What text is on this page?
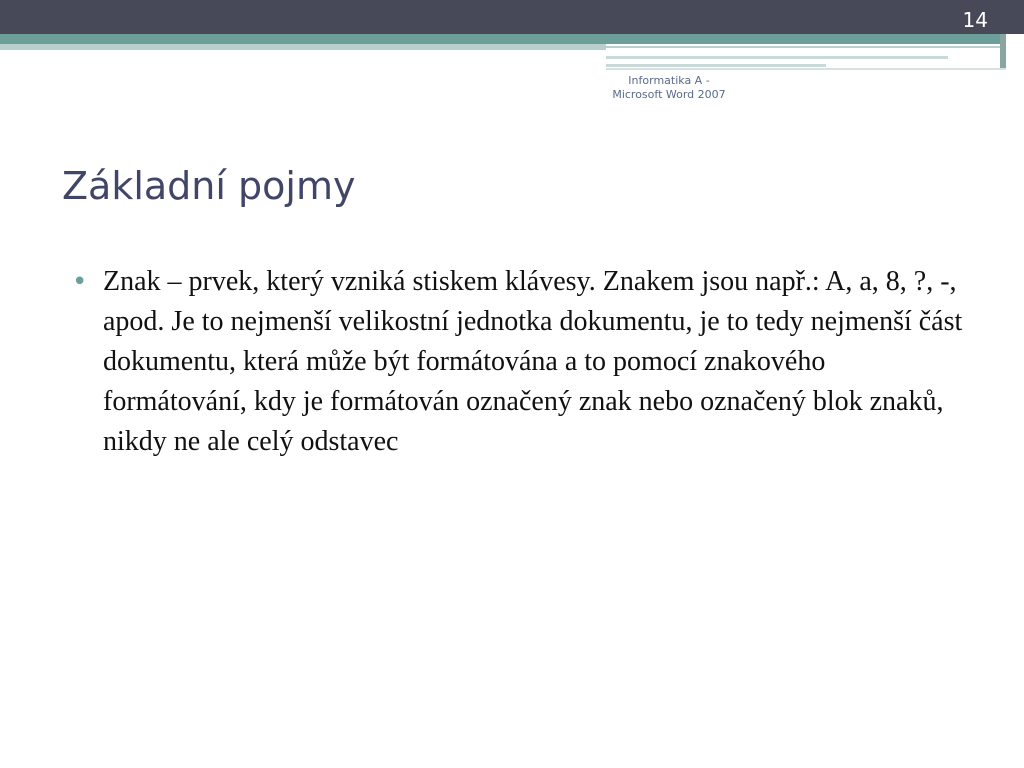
14
Informatika A -
Microsoft Word 2007
Základní pojmy
• Znak – prvek, který vzniká stiskem klávesy. Znakem jsou např.: A, a, 8, ?, -, apod. Je to nejmenší velikostní jednotka dokumentu, je to tedy nejmenší část dokumentu, která může být formátována a to pomocí znakového formátování, kdy je formátován označený znak nebo označený blok znaků, nikdy ne ale celý odstavec
